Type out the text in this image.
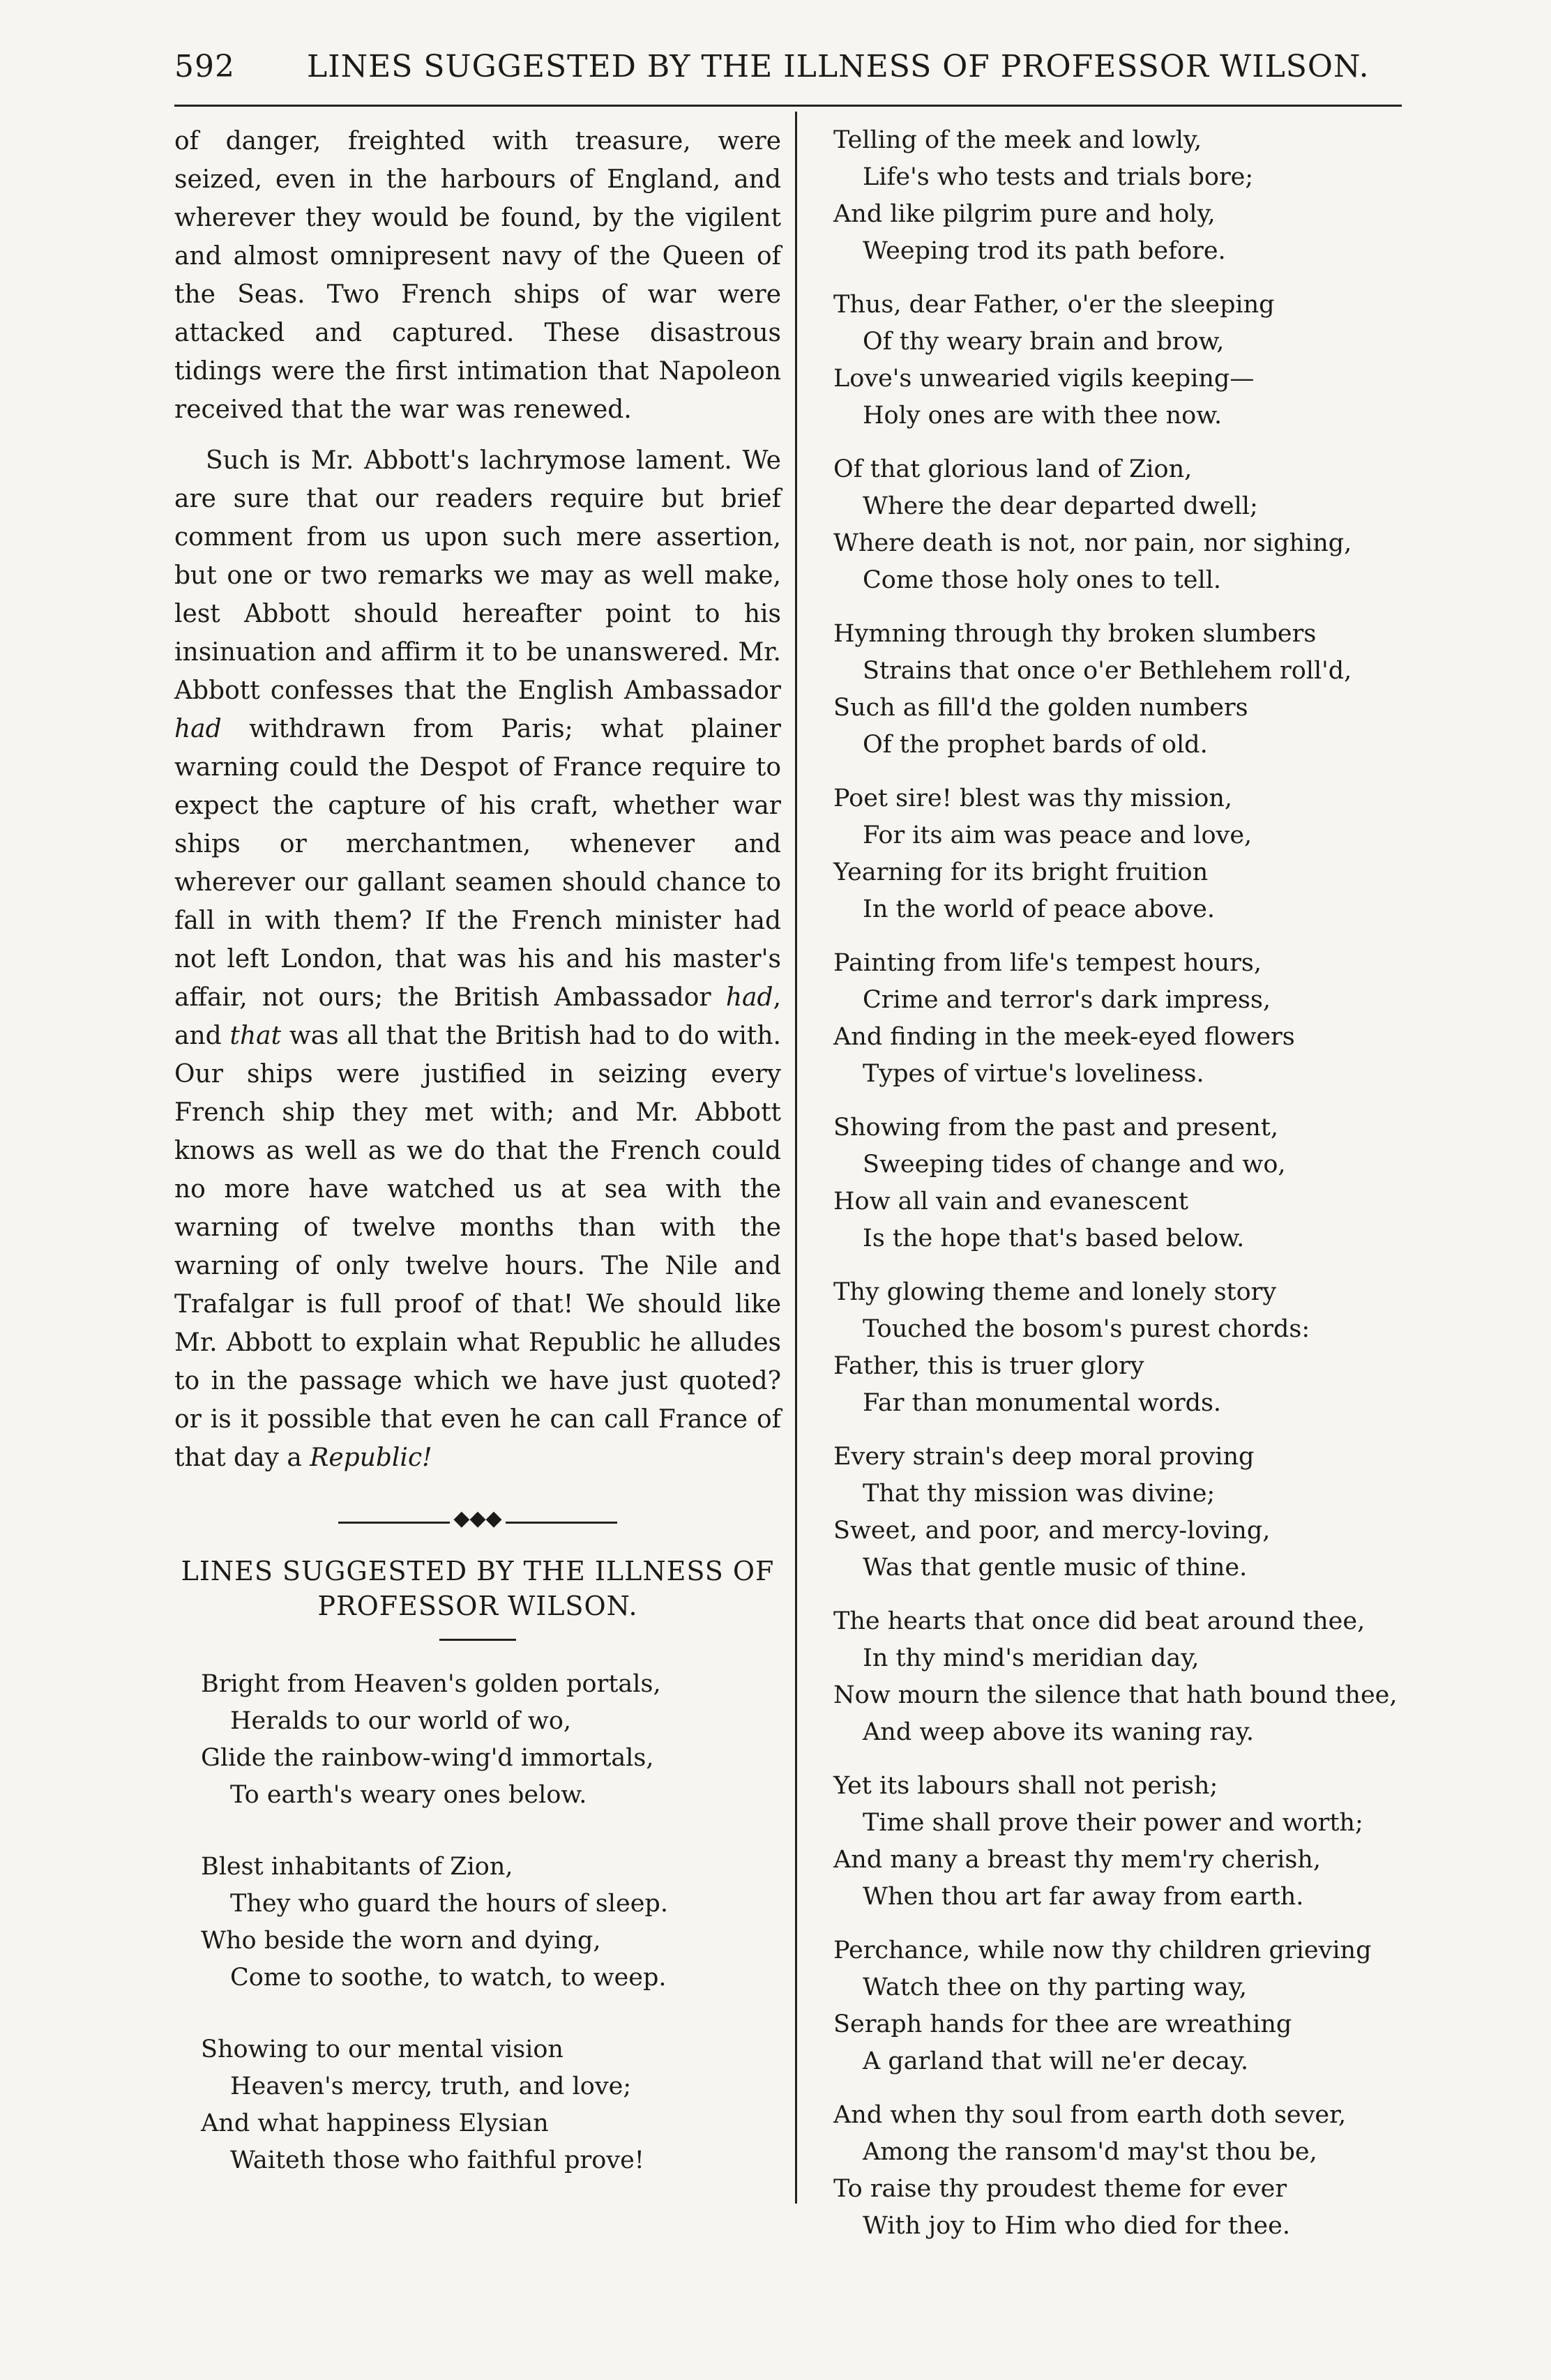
592 LINES SUGGESTED BY THE ILLNESS OF PROFESSOR WILSON.

of danger, freighted with treasure, were seized, even in the harbours of England, and wherever they would be found, by the vigilent and almost omnipresent navy of the Queen of the Seas. Two French ships of war were attacked and captured. These disastrous tidings were the first intimation that Napoleon received that the war was renewed.

Such is Mr. Abbott's lachrymose lament. We are sure that our readers require but brief comment from us upon such mere assertion, but one or two remarks we may as well make, lest Abbott should hereafter point to his insinuation and affirm it to be unanswered. Mr. Abbott confesses that the English Ambassador had withdrawn from Paris; what plainer warning could the Despot of France require to expect the capture of his craft, whether war ships or merchantmen, whenever and wherever our gallant seamen should chance to fall in with them? If the French minister had not left London, that was his and his master's affair, not ours; the British Ambassador had, and that was all that the British had to do with. Our ships were justified in seizing every French ship they met with; and Mr. Abbott knows as well as we do that the French could no more have watched us at sea with the warning of twelve months than with the warning of only twelve hours. The Nile and Trafalgar is full proof of that! We should like Mr. Abbott to explain what Republic he alludes to in the passage which we have just quoted? or is it possible that even he can call France of that day a Republic!

◆◆◆
LINES SUGGESTED BY THE ILLNESS OF
PROFESSOR WILSON.
Bright from Heaven's golden portals,
Heralds to our world of wo,
Glide the rainbow-wing'd immortals,
To earth's weary ones below.
Blest inhabitants of Zion,
They who guard the hours of sleep.
Who beside the worn and dying,
Come to soothe, to watch, to weep.
Showing to our mental vision
Heaven's mercy, truth, and love;
And what happiness Elysian
Waiteth those who faithful prove!
Telling of the meek and lowly,
Life's who tests and trials bore;
And like pilgrim pure and holy,
Weeping trod its path before.
Thus, dear Father, o'er the sleeping
Of thy weary brain and brow,
Love's unwearied vigils keeping—
Holy ones are with thee now.
Of that glorious land of Zion,
Where the dear departed dwell;
Where death is not, nor pain, nor sighing,
Come those holy ones to tell.
Hymning through thy broken slumbers
Strains that once o'er Bethlehem roll'd,
Such as fill'd the golden numbers
Of the prophet bards of old.
Poet sire! blest was thy mission,
For its aim was peace and love,
Yearning for its bright fruition
In the world of peace above.
Painting from life's tempest hours,
Crime and terror's dark impress,
And finding in the meek-eyed flowers
Types of virtue's loveliness.
Showing from the past and present,
Sweeping tides of change and wo,
How all vain and evanescent
Is the hope that's based below.
Thy glowing theme and lonely story
Touched the bosom's purest chords:
Father, this is truer glory
Far than monumental words.
Every strain's deep moral proving
That thy mission was divine;
Sweet, and poor, and mercy-loving,
Was that gentle music of thine.
The hearts that once did beat around thee,
In thy mind's meridian day,
Now mourn the silence that hath bound thee,
And weep above its waning ray.
Yet its labours shall not perish;
Time shall prove their power and worth;
And many a breast thy mem'ry cherish,
When thou art far away from earth.
Perchance, while now thy children grieving
Watch thee on thy parting way,
Seraph hands for thee are wreathing
A garland that will ne'er decay.
And when thy soul from earth doth sever,
Among the ransom'd may'st thou be,
To raise thy proudest theme for ever
With joy to Him who died for thee.
